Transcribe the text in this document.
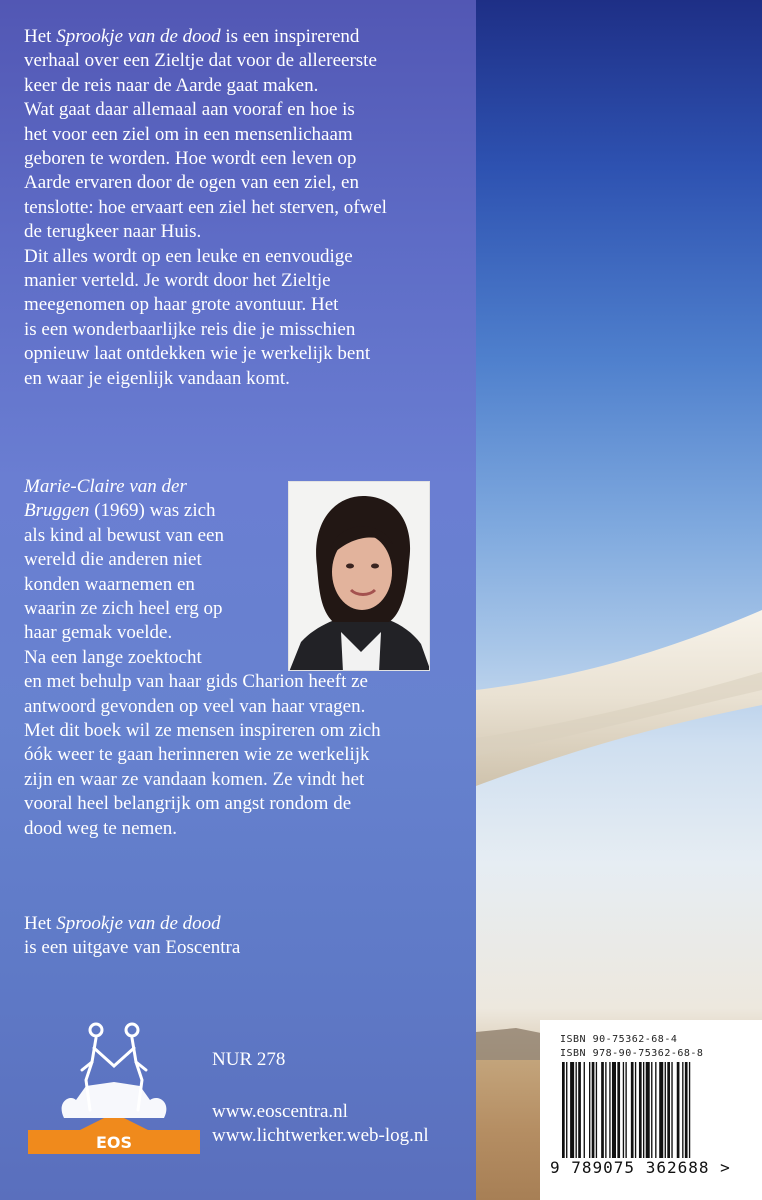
Het Sprookje van de dood is een inspirerend
verhaal over een Zieltje dat voor de allereerste
keer de reis naar de Aarde gaat maken.
Wat gaat daar allemaal aan vooraf en hoe is
het voor een ziel om in een mensenlichaam
geboren te worden. Hoe wordt een leven op
Aarde ervaren door de ogen van een ziel, en
tenslotte: hoe ervaart een ziel het sterven, ofwel
de terugkeer naar Huis.
Dit alles wordt op een leuke en eenvoudige
manier verteld. Je wordt door het Zieltje
meegenomen op haar grote avontuur. Het
is een wonderbaarlijke reis die je misschien
opnieuw laat ontdekken wie je werkelijk bent
en waar je eigenlijk vandaan komt.
Marie-Claire van der
Bruggen (1969) was zich
als kind al bewust van een
wereld die anderen niet
konden waarnemen en
waarin ze zich heel erg op
haar gemak voelde.
Na een lange zoektocht
en met behulp van haar gids Charion heeft ze
antwoord gevonden op veel van haar vragen.
Met dit boek wil ze mensen inspireren om zich
óók weer te gaan herinneren wie ze werkelijk
zijn en waar ze vandaan komen. Ze vindt het
vooral heel belangrijk om angst rondom de
dood weg te nemen.
Het Sprookje van de dood
is een uitgave van Eoscentra
EOS
NUR 278
www.eoscentra.nl
www.lichtwerker.web-log.nl
ISBN 90-75362-68-4
ISBN 978-90-75362-68-8
9 789075 362688 >
